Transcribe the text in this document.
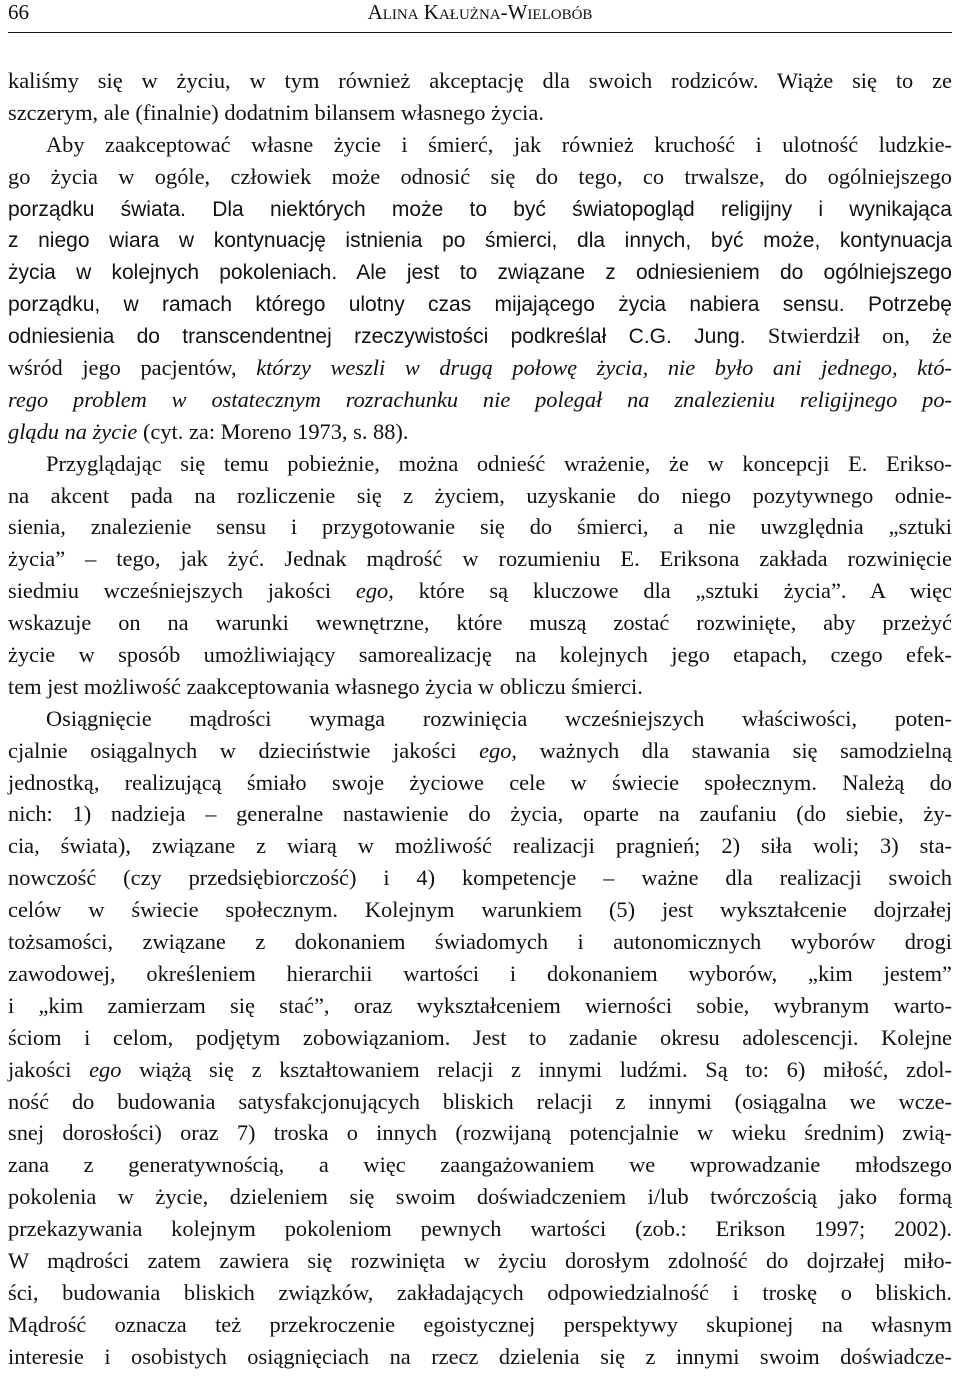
66	Alina Kałużna-Wielobób
kaliśmy się w życiu, w tym również akceptację dla swoich rodziców. Wiąże się to ze
szczerym, ale (finalnie) dodatnim bilansem własnego życia.
Aby zaakceptować własne życie i śmierć, jak również kruchość i ulotność ludzkie-
go życia w ogóle, człowiek może odnosić się do tego, co trwalsze, do ogólniejszego
porządku świata. Dla niektórych może to być światopogląd religijny i wynikająca
z niego wiara w kontynuację istnienia po śmierci, dla innych, być może, kontynuacja
życia w kolejnych pokoleniach. Ale jest to związane z odniesieniem do ogólniejszego
porządku, w ramach którego ulotny czas mijającego życia nabiera sensu. Potrzebę
odniesienia do transcendentnej rzeczywistości podkreślał C.G. Jung. Stwierdził on, że
wśród jego pacjentów, którzy weszli w drugą połowę życia, nie było ani jednego, któ-
rego problem w ostatecznym rozrachunku nie polegał na znalezieniu religijnego po-
glądu na życie (cyt. za: Moreno 1973, s. 88).
Przyglądając się temu pobieżnie, można odnieść wrażenie, że w koncepcji E. Erikso-
na akcent pada na rozliczenie się z życiem, uzyskanie do niego pozytywnego odnie-
sienia, znalezienie sensu i przygotowanie się do śmierci, a nie uwzględnia „sztuki
życia” – tego, jak żyć. Jednak mądrość w rozumieniu E. Eriksona zakłada rozwinięcie
siedmiu wcześniejszych jakości ego, które są kluczowe dla „sztuki życia”. A więc
wskazuje on na warunki wewnętrzne, które muszą zostać rozwinięte, aby przeżyć
życie w sposób umożliwiający samorealizację na kolejnych jego etapach, czego efek-
tem jest możliwość zaakceptowania własnego życia w obliczu śmierci.
Osiągnięcie mądrości wymaga rozwinięcia wcześniejszych właściwości, poten-
cjalnie osiągalnych w dzieciństwie jakości ego, ważnych dla stawania się samodzielną
jednostką, realizującą śmiało swoje życiowe cele w świecie społecznym. Należą do
nich: 1) nadzieja – generalne nastawienie do życia, oparte na zaufaniu (do siebie, ży-
cia, świata), związane z wiarą w możliwość realizacji pragnień; 2) siła woli; 3) sta-
nowczość (czy przedsiębiorczość) i 4) kompetencje – ważne dla realizacji swoich
celów w świecie społecznym. Kolejnym warunkiem (5) jest wykształcenie dojrzałej
tożsamości, związane z dokonaniem świadomych i autonomicznych wyborów drogi
zawodowej, określeniem hierarchii wartości i dokonaniem wyborów, „kim jestem”
i „kim zamierzam się stać”, oraz wykształceniem wierności sobie, wybranym warto-
ściom i celom, podjętym zobowiązaniom. Jest to zadanie okresu adolescencji. Kolejne
jakości ego wiążą się z kształtowaniem relacji z innymi ludźmi. Są to: 6) miłość, zdol-
ność do budowania satysfakcjonujących bliskich relacji z innymi (osiągalna we wcze-
snej dorosłości) oraz 7) troska o innych (rozwijaną potencjalnie w wieku średnim) zwią-
zana z generatywnością, a więc zaangażowaniem we wprowadzanie młodszego
pokolenia w życie, dzieleniem się swoim doświadczeniem i/lub twórczością jako formą
przekazywania kolejnym pokoleniom pewnych wartości (zob.: Erikson 1997; 2002).
W mądrości zatem zawiera się rozwinięta w życiu dorosłym zdolność do dojrzałej miło-
ści, budowania bliskich związków, zakładających odpowiedzialność i troskę o bliskich.
Mądrość oznacza też przekroczenie egoistycznej perspektywy skupionej na własnym
interesie i osobistych osiągnięciach na rzecz dzielenia się z innymi swoim doświadcze-
